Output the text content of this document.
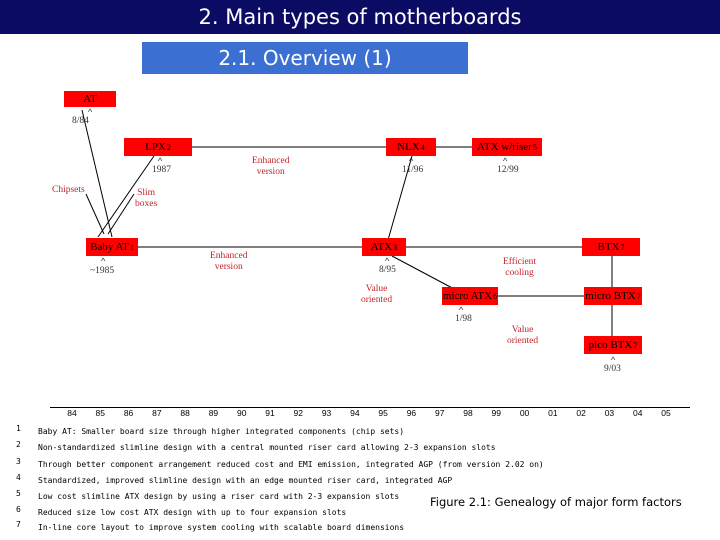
2. Main types of motherboards
2.1. Overview (1)
AT
LPX 2	NLX 4	ATX w/riser 5
Baby AT 1	ATX 3	BTX 7
micro ATX 6	micro BTX 7
pico BTX 7
^
^	^	^
^	^
^
^
8/84
1987	11/96	12/99
~1985	8/95
1/98
9/03
Chipsets	Slim
boxes
Enhanced
version
Enhanced
version	Efficient
cooling
Value
oriented
Value
oriented
84 85 86 87 88 89 90 91 92 93 94 95 96 97 98 99 00 01 02 03 04 05
1 Baby AT: Smaller board size through higher integrated components (chip sets)
2 Non-standardized slimline design with a central mounted riser card allowing 2-3 expansion slots
3 Through better component arrangement reduced cost and EMI emission, integrated AGP (from version 2.02 on)
4 Standardized, improved slimline design with an edge mounted riser card, integrated AGP
5 Low cost slimline ATX design by using a riser card with 2-3 expansion slots
6 Reduced size low cost ATX design with up to four expansion slots
7 In-line core layout to improve system cooling with scalable board dimensions
Figure 2.1: Genealogy of major form factors
